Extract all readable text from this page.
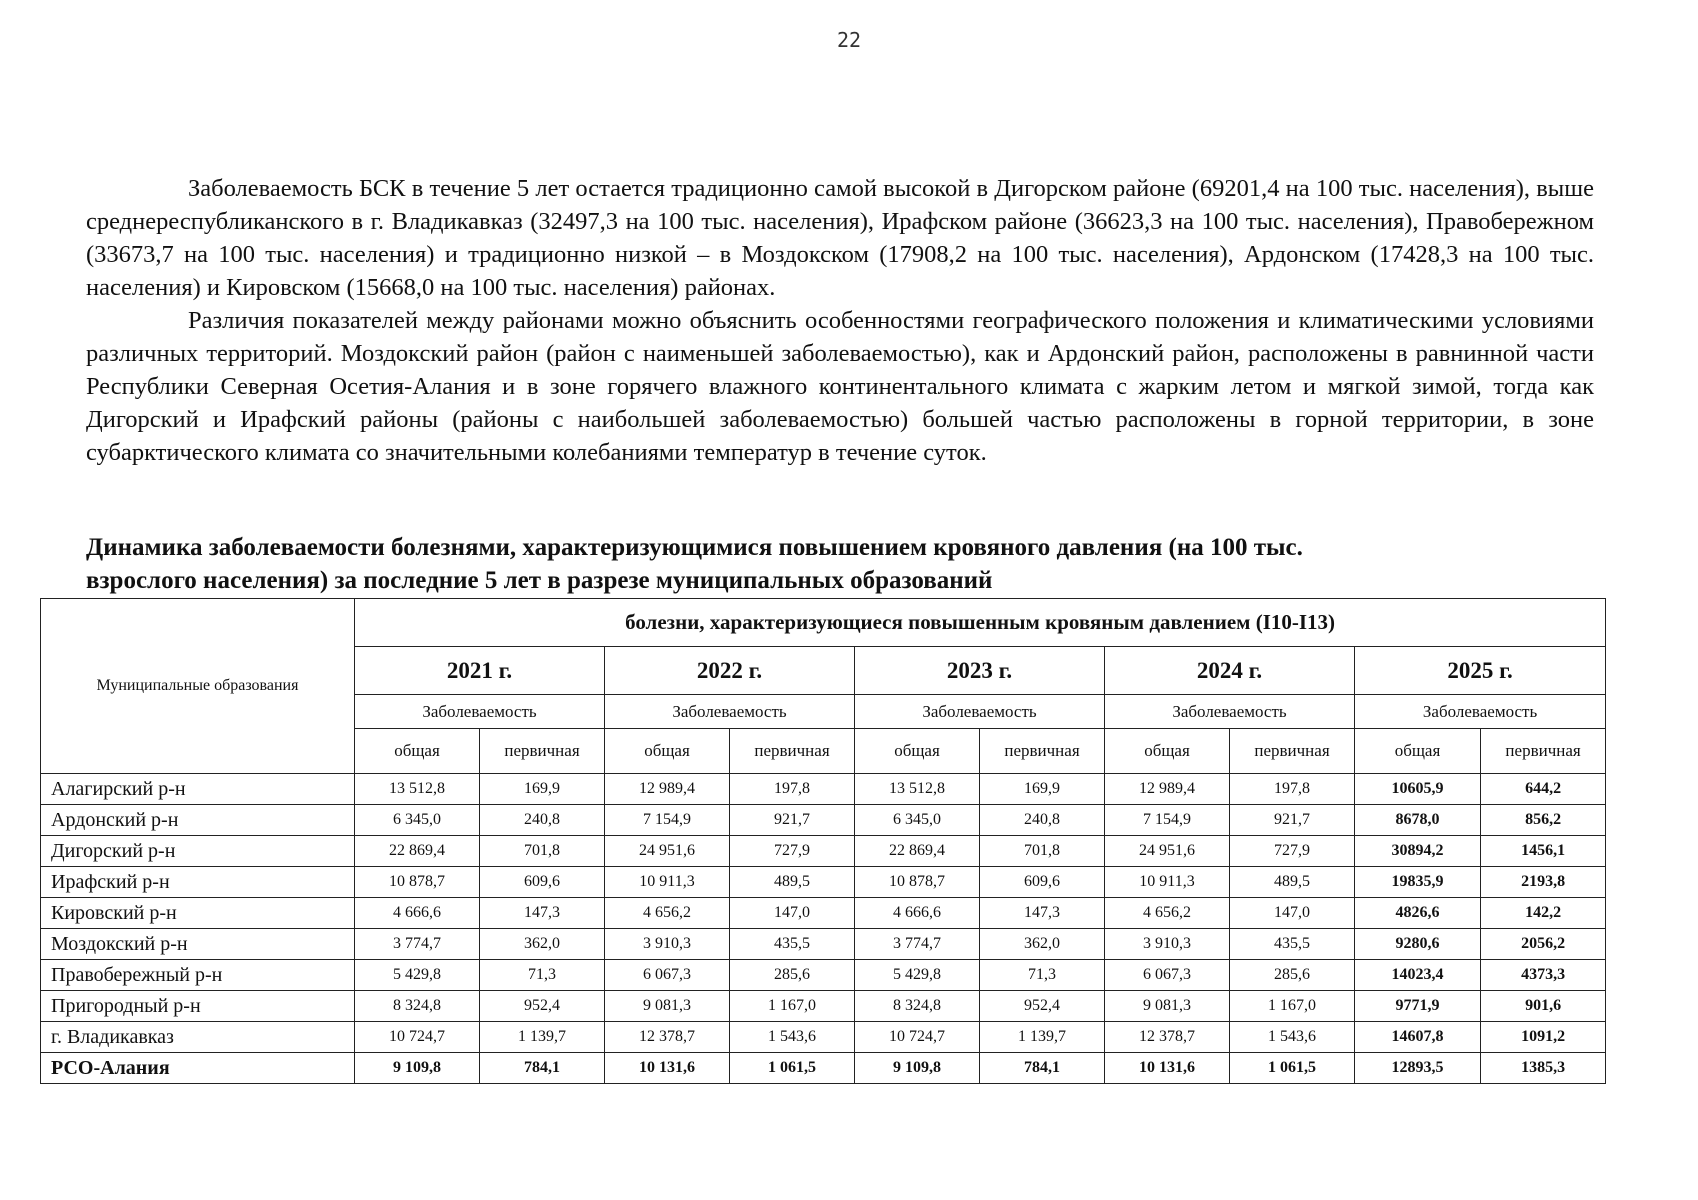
22

Заболеваемость БСК в течение 5 лет остается традиционно самой высокой в Дигорском районе (69201,4 на 100 тыс. населения), выше среднереспубликанского в г. Владикавказ (32497,3 на 100 тыс. населения), Ирафском районе (36623,3 на 100 тыс. населения), Правобережном (33673,7 на 100 тыс. населения) и традиционно низкой – в Моздокском (17908,2 на 100 тыс. населения), Ардонском (17428,3 на 100 тыс. населения) и Кировском (15668,0 на 100 тыс. населения) районах.

Различия показателей между районами можно объяснить особенностями географического положения и климатическими условиями различных территорий. Моздокский район (район с наименьшей заболеваемостью), как и Ардонский район, расположены в равнинной части Республики Северная Осетия-Алания и в зоне горячего влажного континентального климата с жарким летом и мягкой зимой, тогда как Дигорский и Ирафский районы (районы с наибольшей заболеваемостью) большей частью расположены в горной территории, в зоне субарктического климата со значительными колебаниями температур в течение суток.

Динамика заболеваемости болезнями, характеризующимися повышением кровяного давления (на 100 тыс.
взрослого населения) за последние 5 лет в разрезе муниципальных образований
Муниципальные образования	болезни, характеризующиеся повышенным кровяным давлением (I10-I13)									
	2021 г.		2022 г.		2023 г.		2024 г.		2025 г.	
	Заболеваемость		Заболеваемость		Заболеваемость		Заболеваемость		Заболеваемость	
	общая	первичная	общая	первичная	общая	первичная	общая	первичная	общая	первичная
Алагирский р-н	13 512,8	169,9	12 989,4	197,8	13 512,8	169,9	12 989,4	197,8	10605,9	644,2
Ардонский р-н	6 345,0	240,8	7 154,9	921,7	6 345,0	240,8	7 154,9	921,7	8678,0	856,2
Дигорский р-н	22 869,4	701,8	24 951,6	727,9	22 869,4	701,8	24 951,6	727,9	30894,2	1456,1
Ирафский р-н	10 878,7	609,6	10 911,3	489,5	10 878,7	609,6	10 911,3	489,5	19835,9	2193,8
Кировский р-н	4 666,6	147,3	4 656,2	147,0	4 666,6	147,3	4 656,2	147,0	4826,6	142,2
Моздокский р-н	3 774,7	362,0	3 910,3	435,5	3 774,7	362,0	3 910,3	435,5	9280,6	2056,2
Правобережный р-н	5 429,8	71,3	6 067,3	285,6	5 429,8	71,3	6 067,3	285,6	14023,4	4373,3
Пригородный р-н	8 324,8	952,4	9 081,3	1 167,0	8 324,8	952,4	9 081,3	1 167,0	9771,9	901,6
г. Владикавказ	10 724,7	1 139,7	12 378,7	1 543,6	10 724,7	1 139,7	12 378,7	1 543,6	14607,8	1091,2
РСО-Алания	9 109,8	784,1	10 131,6	1 061,5	9 109,8	784,1	10 131,6	1 061,5	12893,5	1385,3
